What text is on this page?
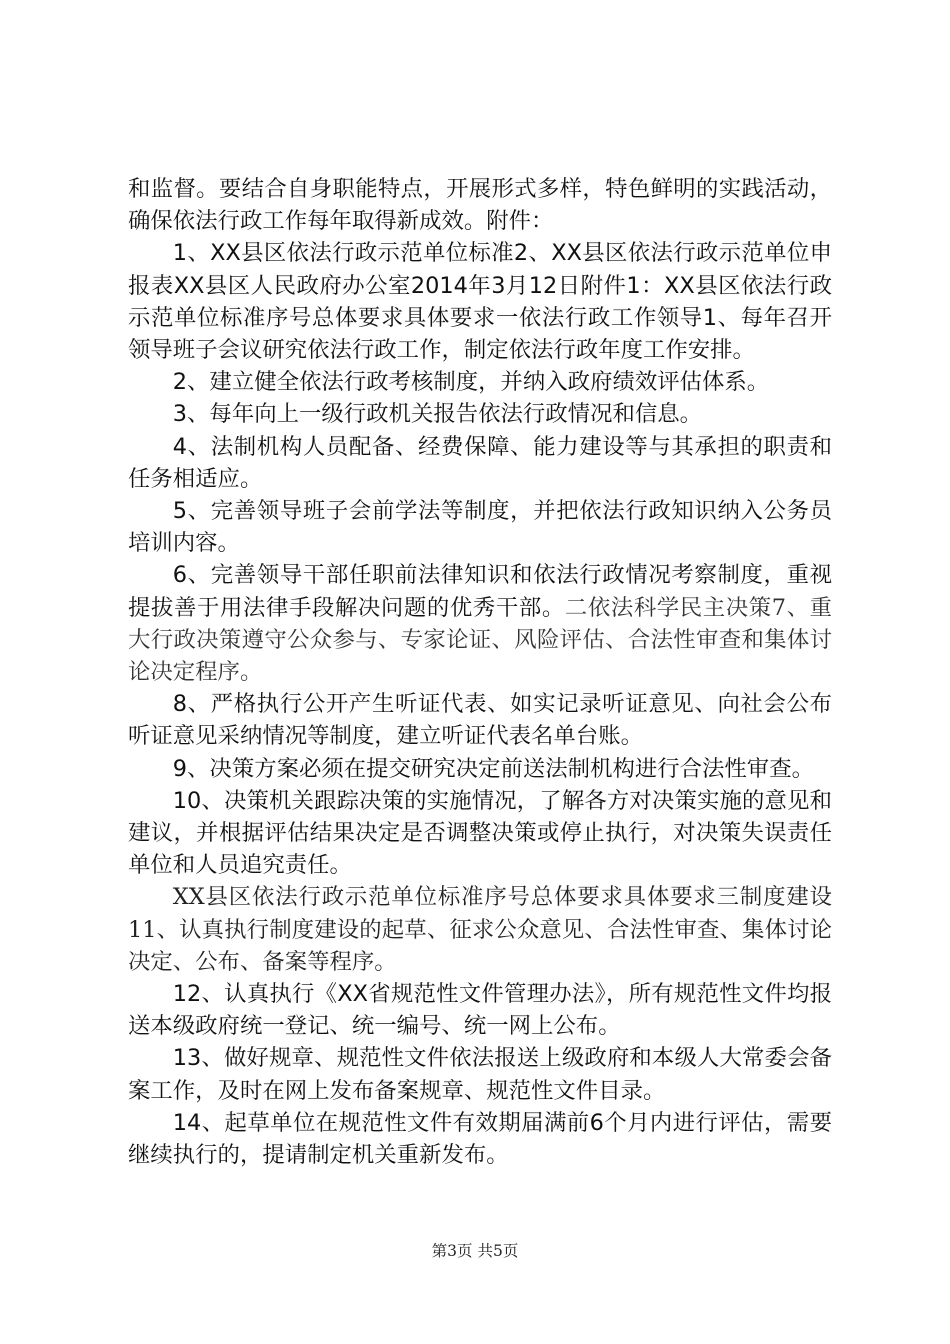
和监督。要结合自身职能特点，开展形式多样，特色鲜明的实践活动，确保依法行政工作每年取得新成效。附件：

1、XX县区依法行政示范单位标准2、XX县区依法行政示范单位申报表XX县区人民政府办公室2014年3月12日附件1：XX县区依法行政示范单位标准序号总体要求具体要求一依法行政工作领导1、每年召开领导班子会议研究依法行政工作，制定依法行政年度工作安排。

2、建立健全依法行政考核制度，并纳入政府绩效评估体系。

3、每年向上一级行政机关报告依法行政情况和信息。

4、法制机构人员配备、经费保障、能力建设等与其承担的职责和任务相适应。

5、完善领导班子会前学法等制度，并把依法行政知识纳入公务员培训内容。

6、完善领导干部任职前法律知识和依法行政情况考察制度，重视提拔善于用法律手段解决问题的优秀干部。二依法科学民主决策7、重大行政决策遵守公众参与、专家论证、风险评估、合法性审查和集体讨论决定程序。

8、严格执行公开产生听证代表、如实记录听证意见、向社会公布听证意见采纳情况等制度，建立听证代表名单台账。

9、决策方案必须在提交研究决定前送法制机构进行合法性审查。

10、决策机关跟踪决策的实施情况，了解各方对决策实施的意见和建议，并根据评估结果决定是否调整决策或停止执行，对决策失误责任单位和人员追究责任。

XX县区依法行政示范单位标准序号总体要求具体要求三制度建设11、认真执行制度建设的起草、征求公众意见、合法性审查、集体讨论决定、公布、备案等程序。

12、认真执行《XX省规范性文件管理办法》，所有规范性文件均报送本级政府统一登记、统一编号、统一网上公布。

13、做好规章、规范性文件依法报送上级政府和本级人大常委会备案工作，及时在网上发布备案规章、规范性文件目录。

14、起草单位在规范性文件有效期届满前6个月内进行评估，需要继续执行的，提请制定机关重新发布。

第3页 共5页
